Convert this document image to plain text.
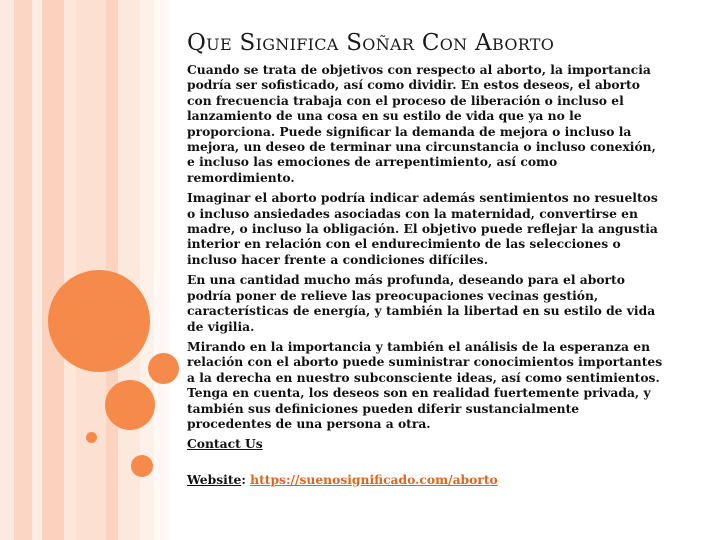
Que Significa Soñar Con Aborto

Cuando se trata de objetivos con respecto al aborto, la importancia podría ser sofisticado, así como dividir. En estos deseos, el aborto con frecuencia trabaja con el proceso de liberación o incluso el lanzamiento de una cosa en su estilo de vida que ya no le proporciona. Puede significar la demanda de mejora o incluso la mejora, un deseo de terminar una circunstancia o incluso conexión, e incluso las emociones de arrepentimiento, así como remordimiento.

Imaginar el aborto podría indicar además sentimientos no resueltos o incluso ansiedades asociadas con la maternidad, convertirse en madre, o incluso la obligación. El objetivo puede reflejar la angustia interior en relación con el endurecimiento de las selecciones o incluso hacer frente a condiciones difíciles.

En una cantidad mucho más profunda, deseando para el aborto podría poner de relieve las preocupaciones vecinas gestión, características de energía, y también la libertad en su estilo de vida de vigilia.

Mirando en la importancia y también el análisis de la esperanza en relación con el aborto puede suministrar conocimientos importantes a la derecha en nuestro subconsciente ideas, así como sentimientos. Tenga en cuenta, los deseos son en realidad fuertemente privada, y también sus definiciones pueden diferir sustancialmente procedentes de una persona a otra.

Contact Us

Website: https://suenosignificado.com/aborto
